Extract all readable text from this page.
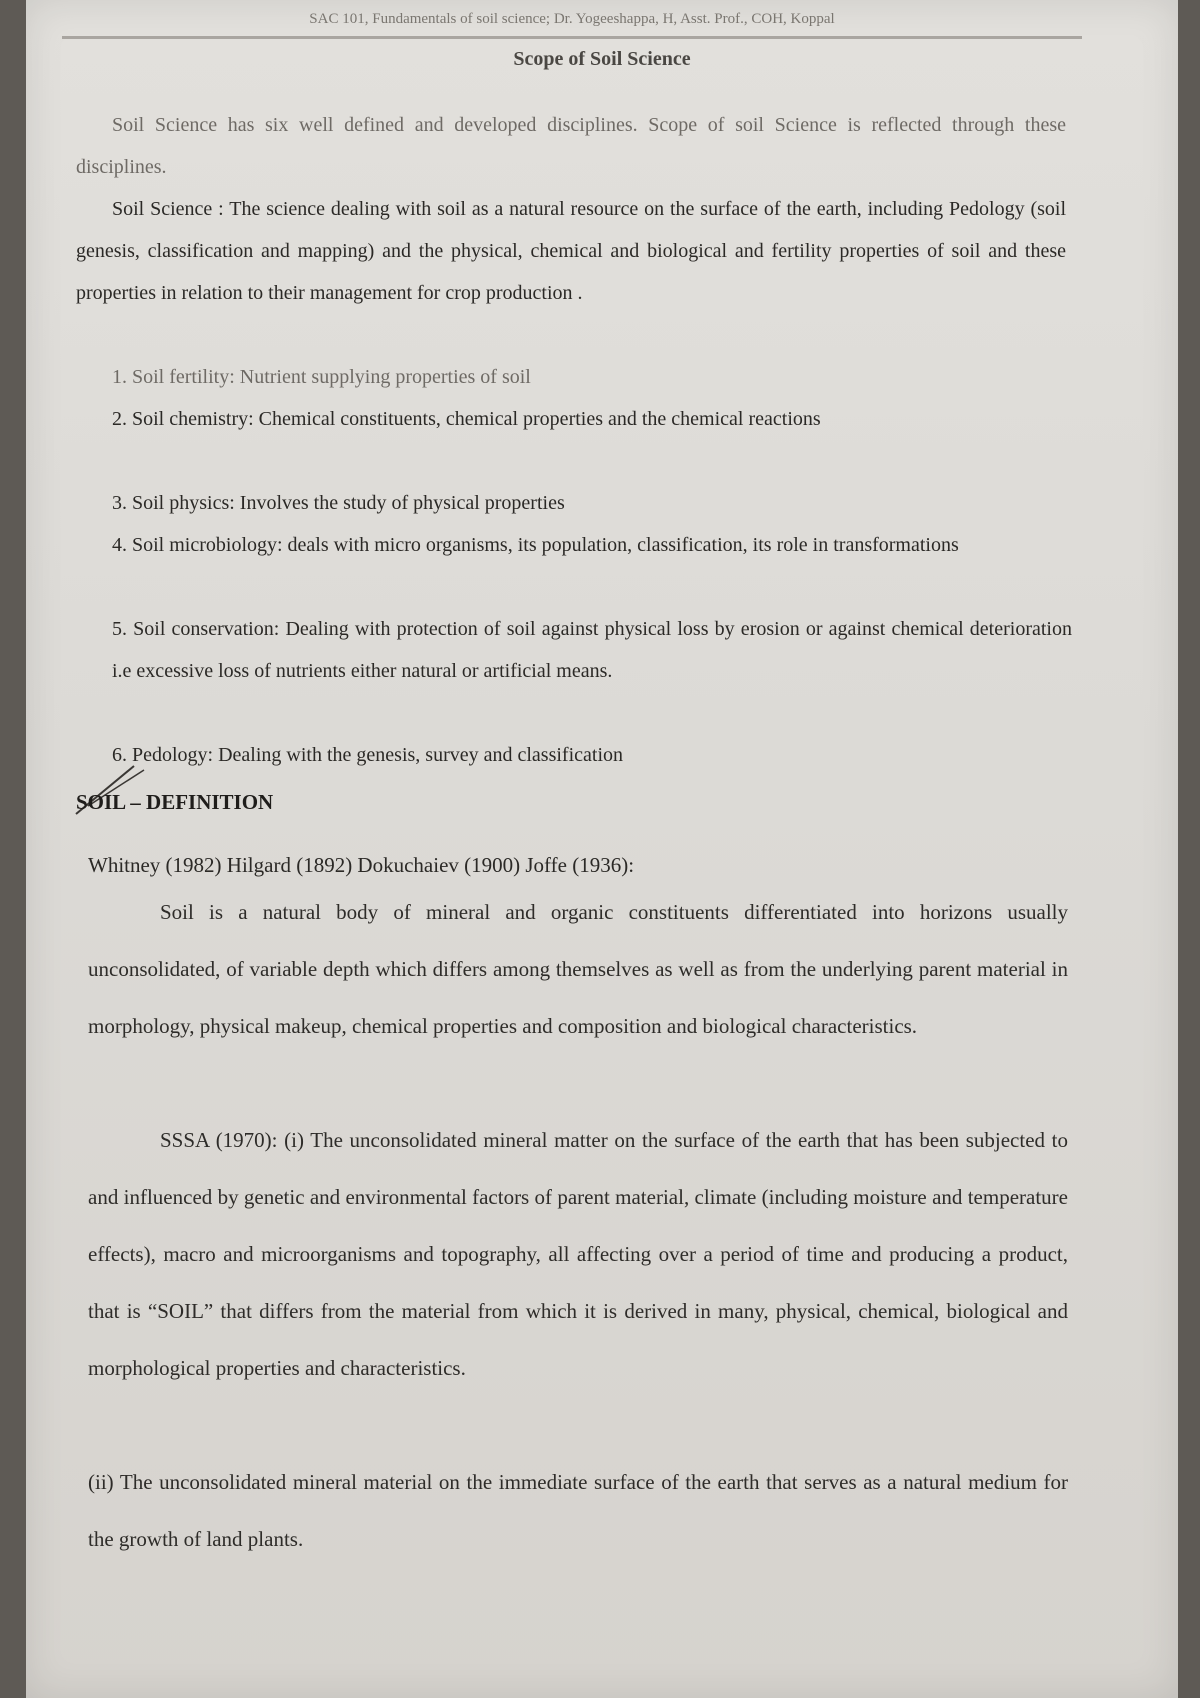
SAC 101, Fundamentals of soil science; Dr. Yogeeshappa, H, Asst. Prof., COH, Koppal
Scope of Soil Science

Soil Science has six well defined and developed disciplines. Scope of soil Science is reflected through these disciplines.

Soil Science : The science dealing with soil as a natural resource on the surface of the earth, including Pedology (soil genesis, classification and mapping) and the physical, chemical and biological and fertility properties of soil and these properties in relation to their management for crop production .

1. Soil fertility: Nutrient supplying properties of soil

2. Soil chemistry: Chemical constituents, chemical properties and the chemical reactions

3. Soil physics: Involves the study of physical properties

4. Soil microbiology: deals with micro organisms, its population, classification, its role in transformations

5. Soil conservation: Dealing with protection of soil against physical loss by erosion or against chemical deterioration i.e excessive loss of nutrients either natural or artificial means.

6. Pedology: Dealing with the genesis, survey and classification

SOIL – DEFINITION

Whitney (1982) Hilgard (1892) Dokuchaiev (1900) Joffe (1936):

Soil is a natural body of mineral and organic constituents differentiated into horizons usually unconsolidated, of variable depth which differs among themselves as well as from the underlying parent material in morphology, physical makeup, chemical properties and composition and biological characteristics.

SSSA (1970): (i) The unconsolidated mineral matter on the surface of the earth that has been subjected to and influenced by genetic and environmental factors of parent material, climate (including moisture and temperature effects), macro and microorganisms and topography, all affecting over a period of time and producing a product, that is “SOIL” that differs from the material from which it is derived in many, physical, chemical, biological and morphological properties and characteristics.

(ii) The unconsolidated mineral material on the immediate surface of the earth that serves as a natural medium for the growth of land plants.
